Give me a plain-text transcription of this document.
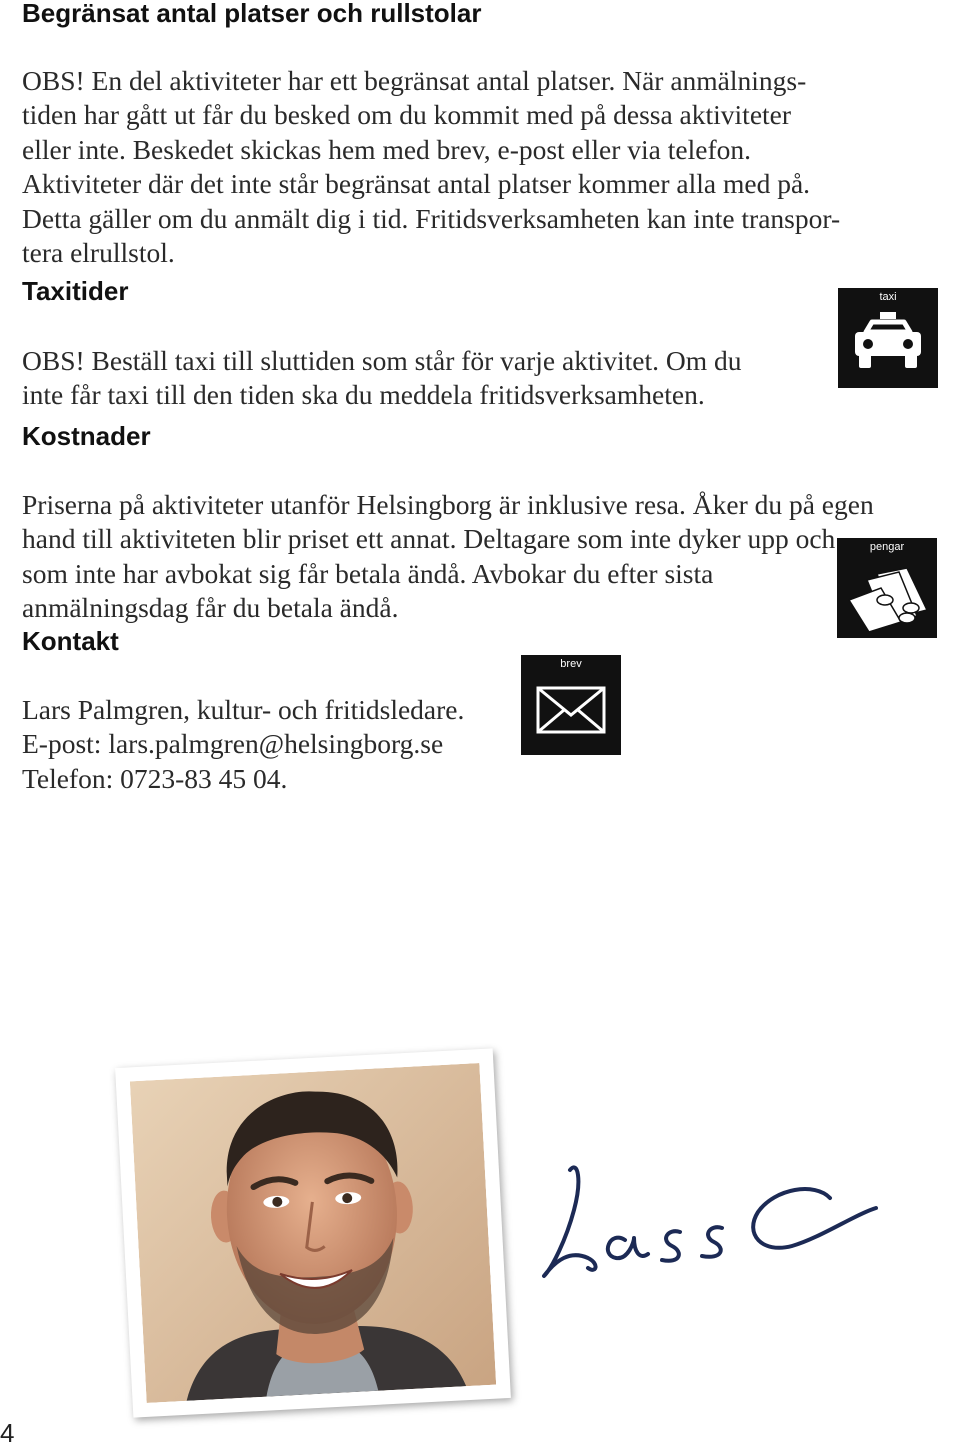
Begränsat antal platser och rullstolar

OBS! En del aktiviteter har ett begränsat antal platser. När anmälnings-
tiden har gått ut får du besked om du kommit med på dessa aktiviteter
eller inte. Beskedet skickas hem med brev, e-post eller via telefon.
Aktiviteter där det inte står begränsat antal platser kommer alla med på.
Detta gäller om du anmält dig i tid. Fritidsverksamheten kan inte transpor-
tera elrullstol.

Taxitider

OBS! Beställ taxi till sluttiden som står för varje aktivitet. Om du
inte får taxi till den tiden ska du meddela fritidsverksamheten.

taxi
Kostnader

Priserna på aktiviteter utanför Helsingborg är inklusive resa. Åker du på egen
hand till aktiviteten blir priset ett annat. Deltagare som inte dyker upp och
som inte har avbokat sig får betala ändå. Avbokar du efter sista
anmälningsdag får du betala ändå.

pengar
Kontakt

Lars Palmgren, kultur- och fritidsledare.
E-post: lars.palmgren@helsingborg.se
Telefon: 0723-83 45 04.

brev
4
